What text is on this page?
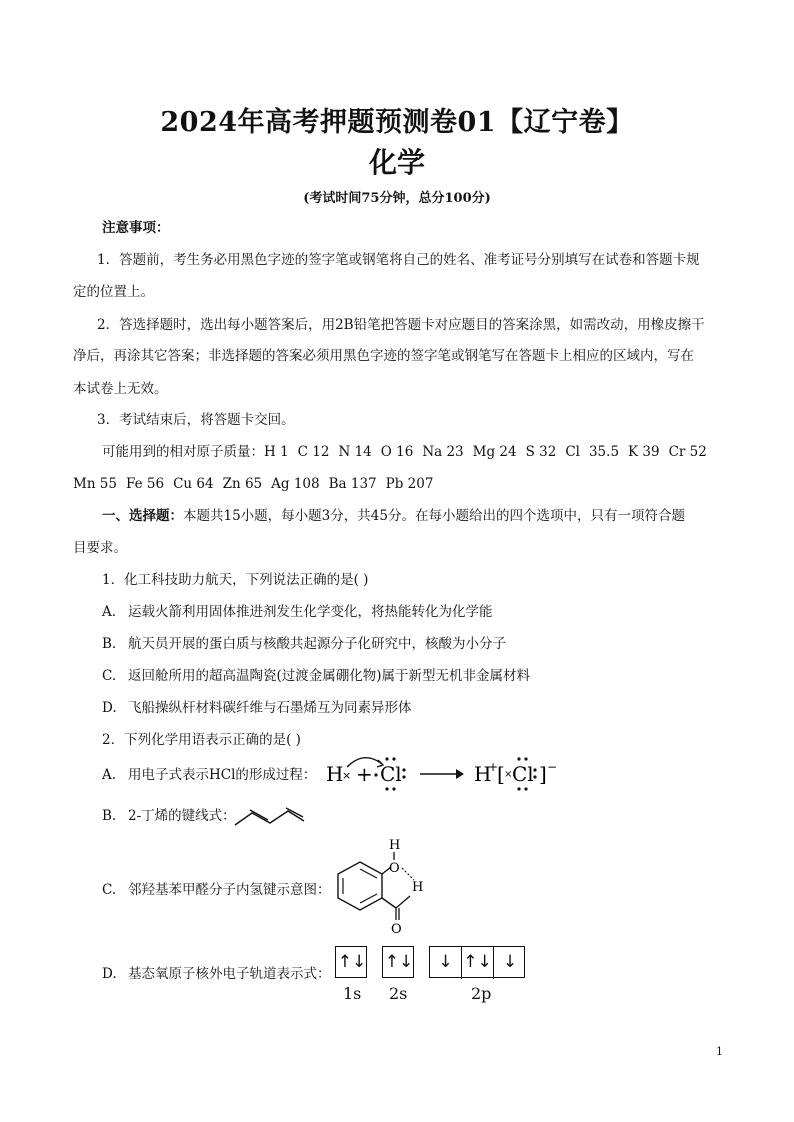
2024年高考押题预测卷01【辽宁卷】
化学
(考试时间75分钟，总分100分)
注意事项：
1．答题前，考生务必用黑色字迹的签字笔或钢笔将自己的姓名、准考证号分别填写在试卷和答题卡规
定的位置上。
2．答选择题时，选出每小题答案后，用2B铅笔把答题卡对应题目的答案涂黑，如需改动，用橡皮擦干
净后，再涂其它答案；非选择题的答案必须用黑色字迹的签字笔或钢笔写在答题卡上相应的区域内，写在
本试卷上无效。
3．考试结束后，将答题卡交回。
可能用到的相对原子质量：H 1 C 12 N 14 O 16 Na 23 Mg 24 S 32 Cl 35.5 K 39 Cr 52
Mn 55 Fe 56 Cu 64 Zn 65 Ag 108 Ba 137 Pb 207
一、选择题：本题共15小题，每小题3分，共45分。在每小题给出的四个选项中，只有一项符合题
目要求。
1．化工科技助力航天，下列说法正确的是( )
A. 运载火箭利用固体推进剂发生化学变化，将热能转化为化学能
B. 航天员开展的蛋白质与核酸共起源分子化研究中，核酸为小分子
C. 返回舱所用的超高温陶瓷(过渡金属硼化物)属于新型无机非金属材料
D. 飞船操纵杆材料碳纤维与石墨烯互为同素异形体
2．下列化学用语表示正确的是( )
A. 用电子式表示HCl的形成过程： H
× + Cl	H
+
[ × Cl ] −
B. 2-丁烯的键线式：
C. 邻羟基苯甲醛分子内氢键示意图：
O
H
H
O
D. 基态氧原子核外电子轨道表示式：
↑↓ ↑↓	↓ ↑↓ ↓
1s 2s	2p
1
